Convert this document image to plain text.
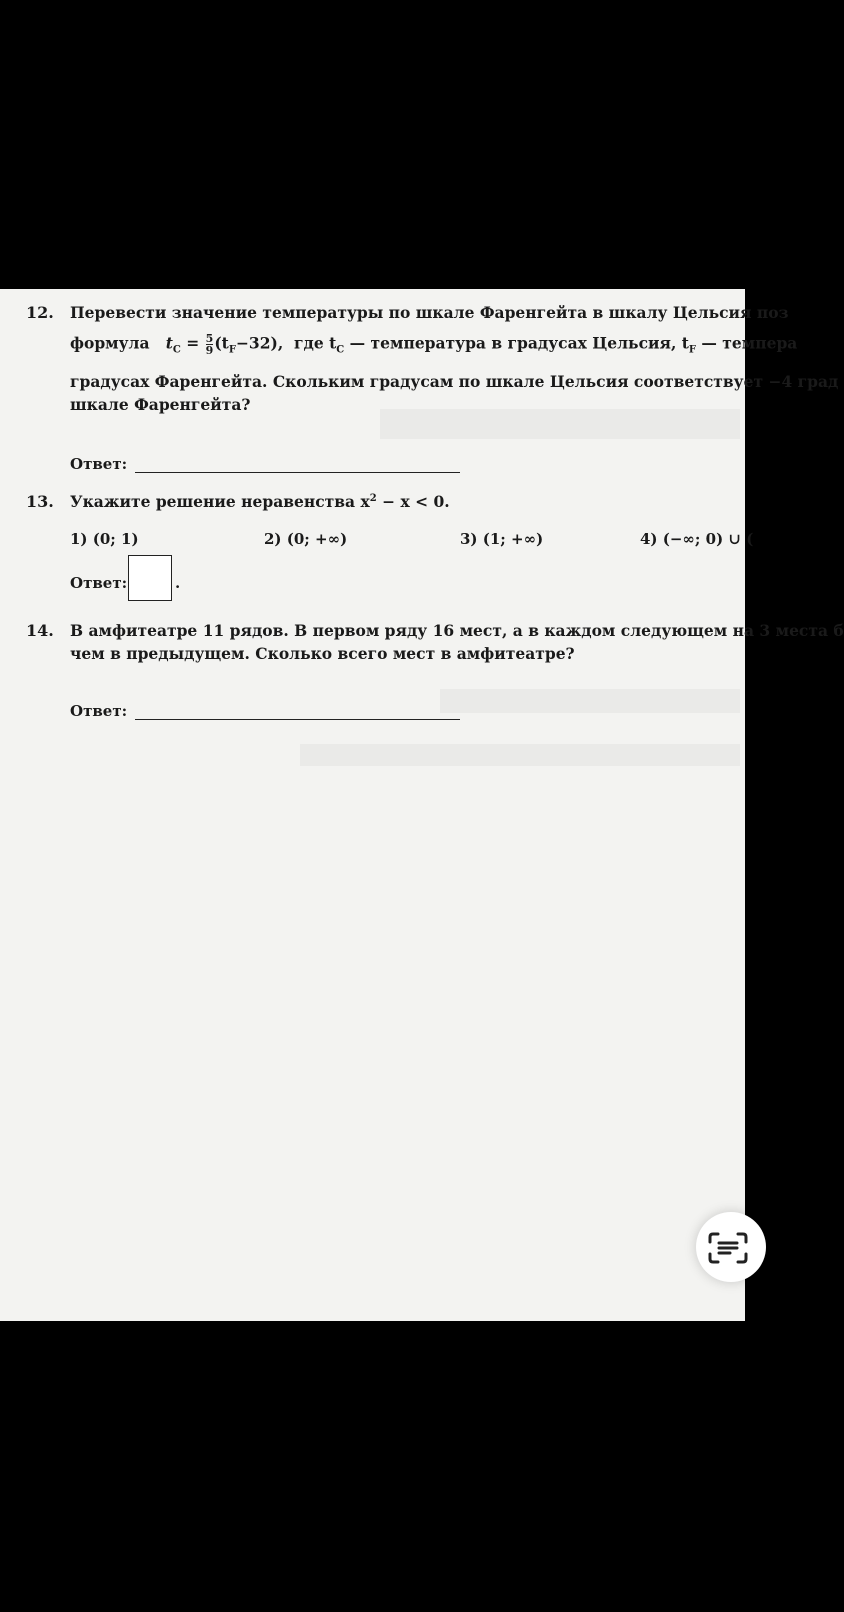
12. Перевести значение температуры по шкале Фаренгейта в шкалу Цельсия поз
формула $t_C = \frac{5}{9} (t_F-32)$, где $t_C$ — температура в градусах Цельсия, $t_F$ — темпера
градусах Фаренгейта. Скольким градусам по шкале Цельсия соответствует −4 град
шкале Фаренгейта?
Ответ:
13. Укажите решение неравенства $x^2 - x < 0$.
1) (0; 1)	2) (0; +∞)	3) (1; +∞)	4) (−∞; 0) ∪ (
Ответ:	.
14. В амфитеатре 11 рядов. В первом ряду 16 мест, а в каждом следующем на 3 места б
чем в предыдущем. Сколько всего мест в амфитеатре?
Ответ:
